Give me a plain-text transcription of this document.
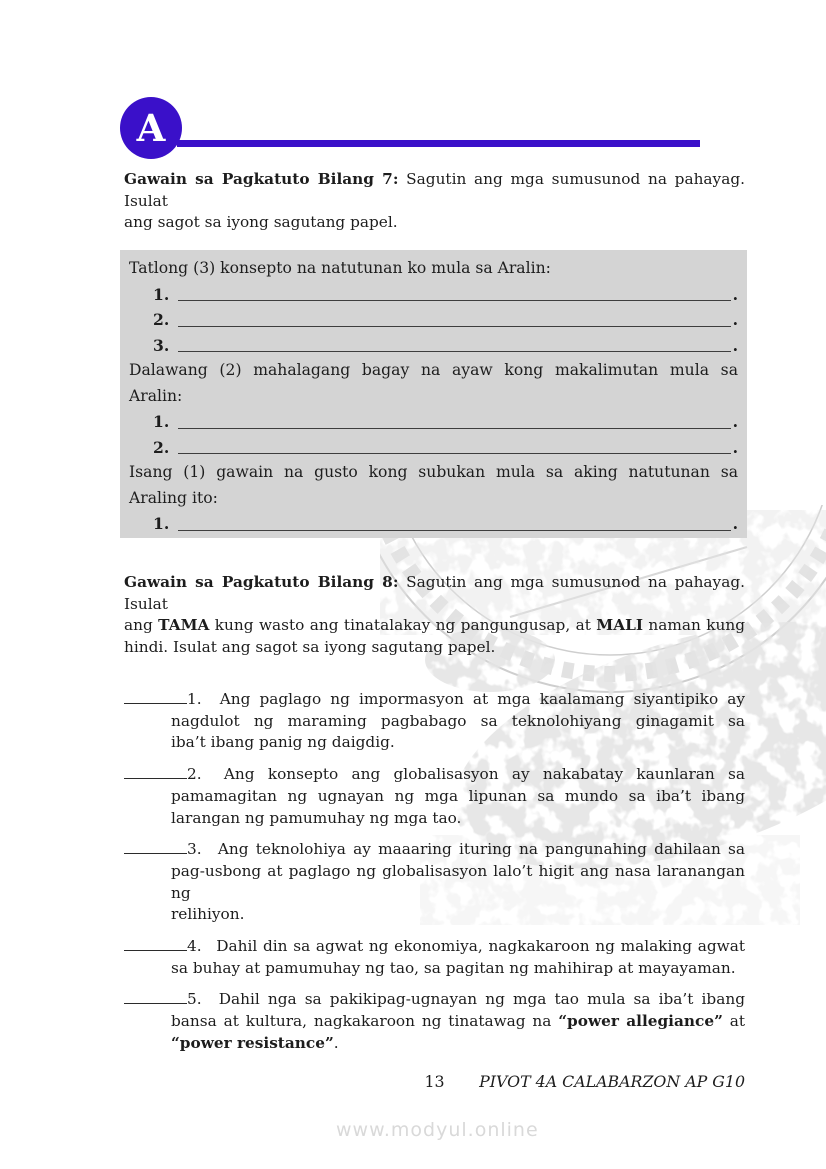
A
Gawain sa Pagkatuto Bilang 7: Sagutin ang mga sumusunod na pahayag. Isulat
ang sagot sa iyong sagutang papel.
Tatlong (3) konsepto na natutunan ko mula sa Aralin:
1.	.
2.	.
3.	.
Dalawang (2) mahalagang bagay na ayaw kong makalimutan mula sa
Aralin:
1.	.
2.	.
Isang (1) gawain na gusto kong subukan mula sa aking natutunan sa
Araling ito:
1.	.
Gawain sa Pagkatuto Bilang 8: Sagutin ang mga sumusunod na pahayag. Isulat
ang TAMA kung wasto ang tinatalakay ng pangungusap, at MALI naman kung
hindi. Isulat ang sagot sa iyong sagutang papel.
1. Ang paglago ng impormasyon at mga kaalamang siyantipiko ay
nagdulot ng maraming pagbabago sa teknolohiyang ginagamit sa
iba’t ibang panig ng daigdig.
2. Ang konsepto ang globalisasyon ay nakabatay kaunlaran sa
pamamagitan ng ugnayan ng mga lipunan sa mundo sa iba’t ibang
larangan ng pamumuhay ng mga tao.
3. Ang teknolohiya ay maaaring ituring na pangunahing dahilaan sa
pag-usbong at paglago ng globalisasyon lalo’t higit ang nasa laranangan ng
relihiyon.
4. Dahil din sa agwat ng ekonomiya, nagkakaroon ng malaking agwat
sa buhay at pamumuhay ng tao, sa pagitan ng mahihirap at mayayaman.
5. Dahil nga sa pakikipag-ugnayan ng mga tao mula sa iba’t ibang
bansa at kultura, nagkakaroon ng tinatawag na “power allegiance” at
“power resistance”.
13	PIVOT 4A CALABARZON AP G10
www.modyul.online
